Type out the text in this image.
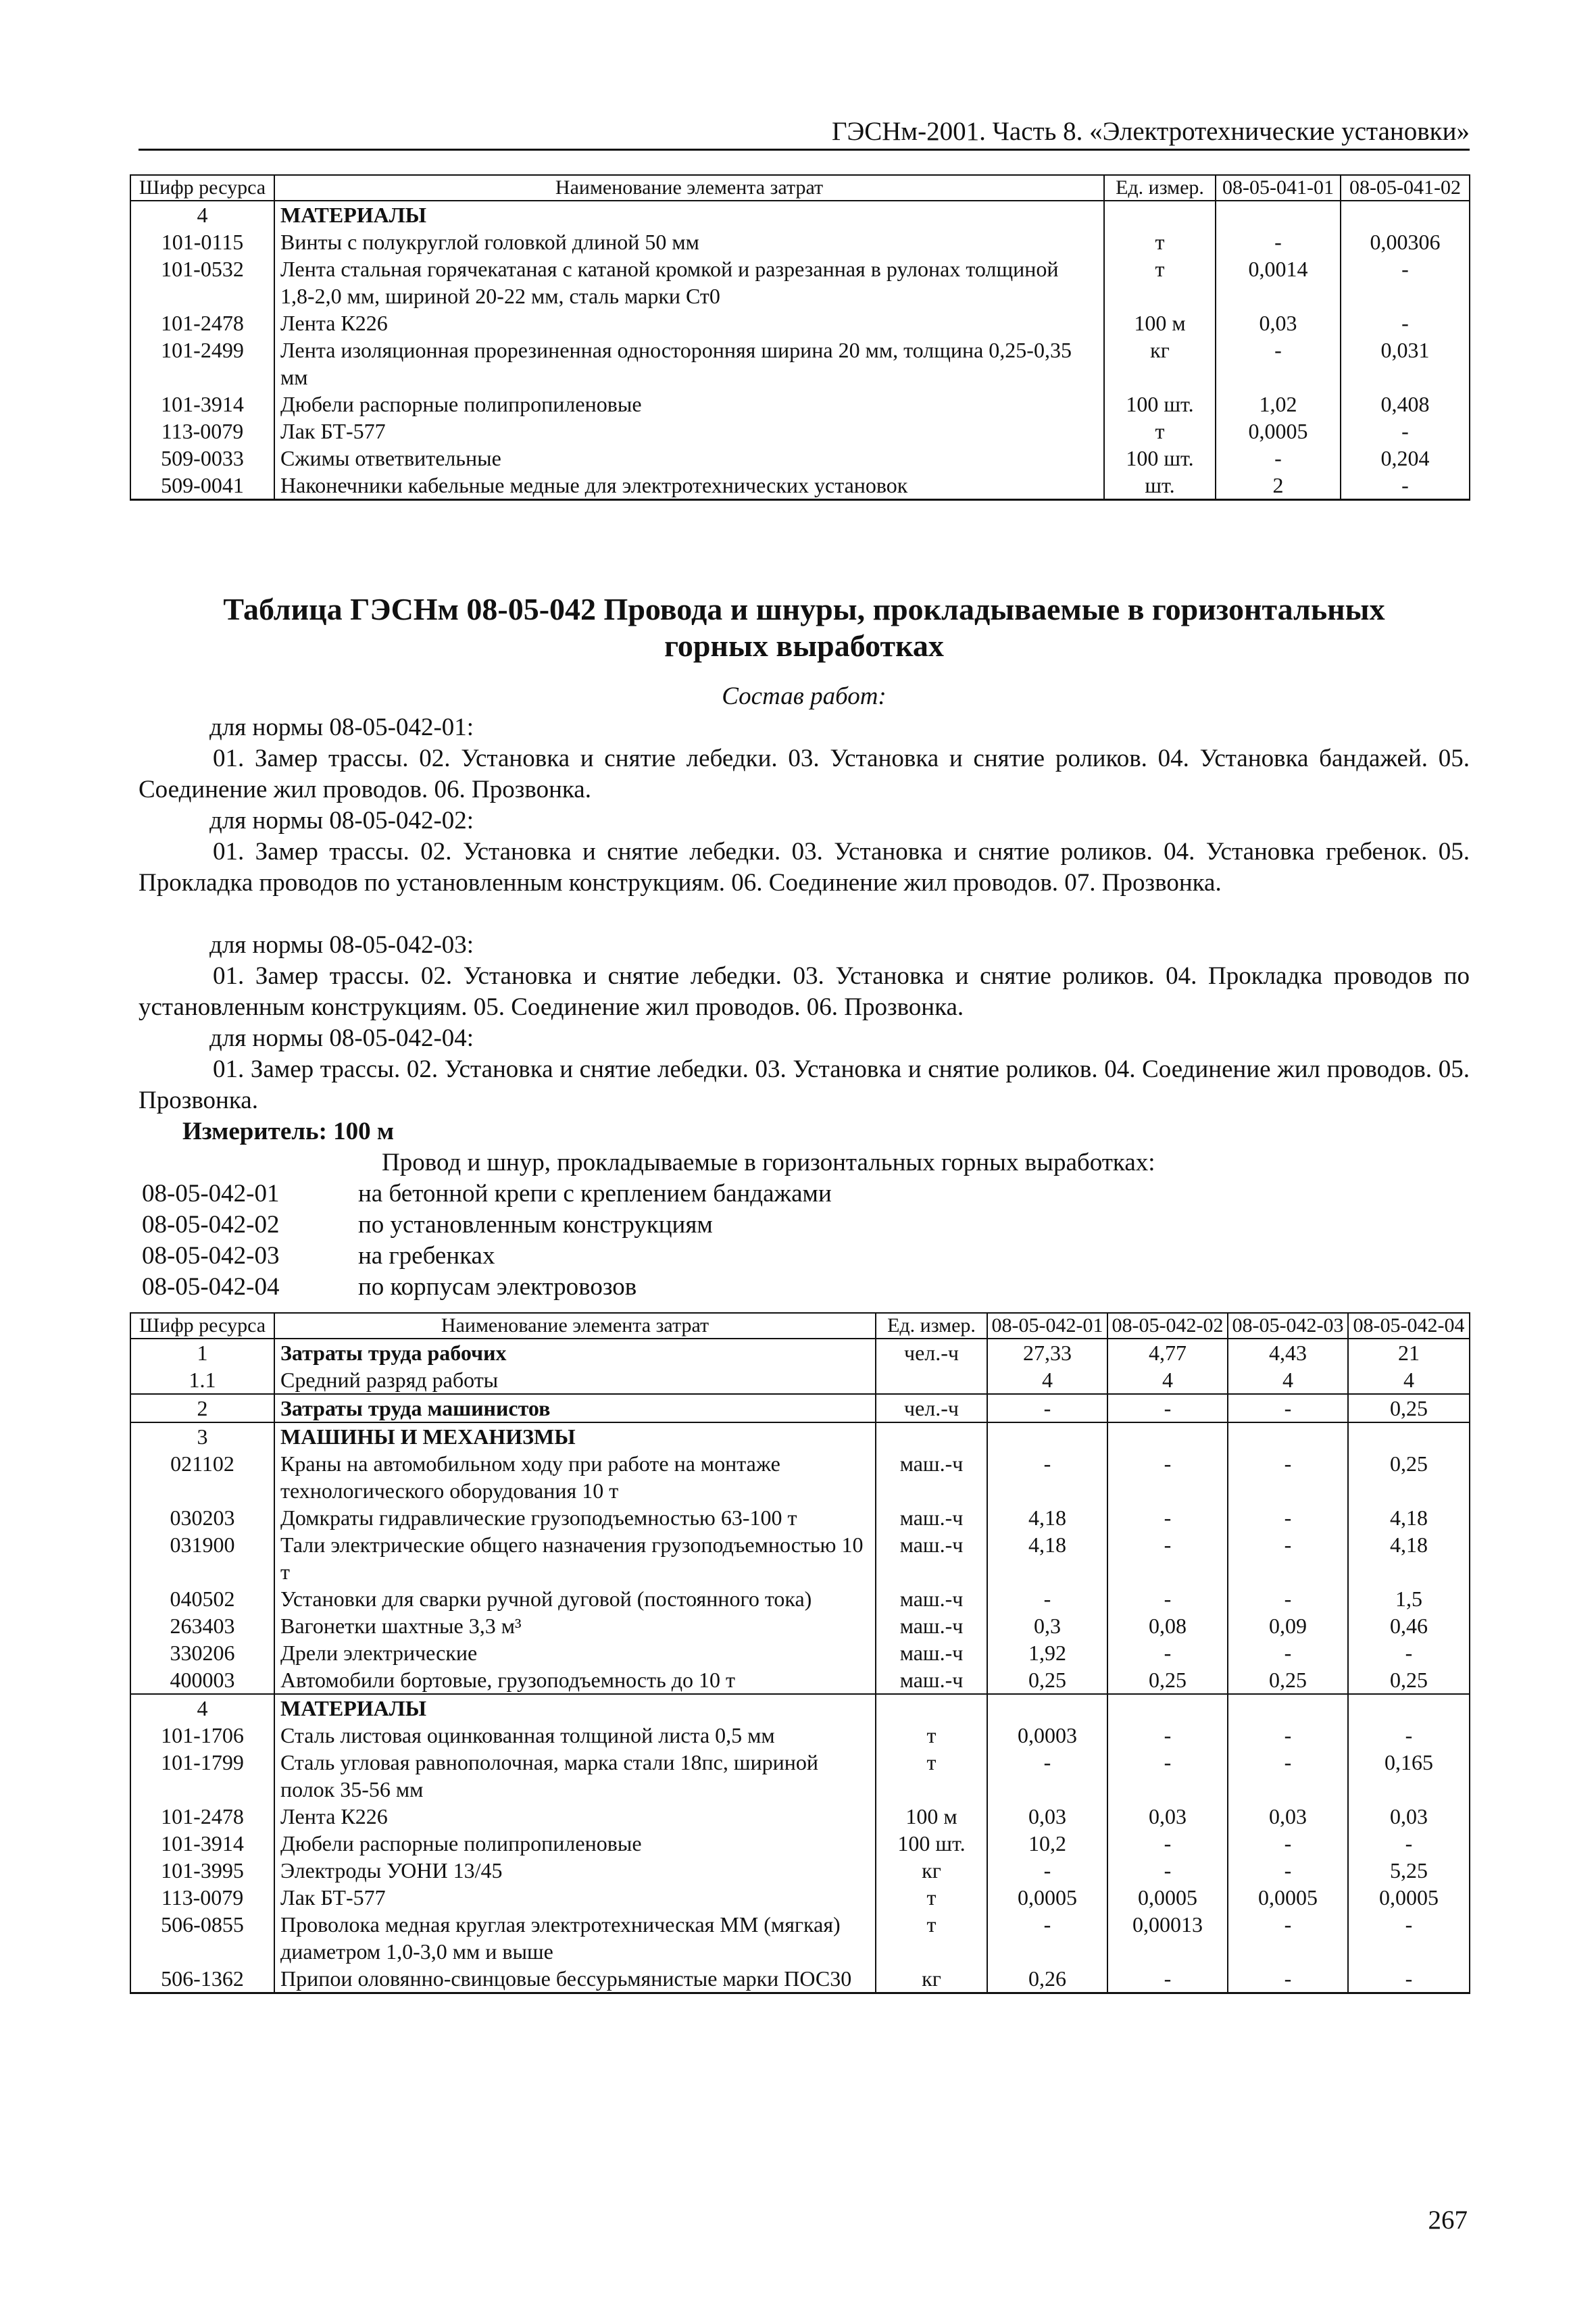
ГЭСНм-2001. Часть 8. «Электротехнические установки»
Шифр ресурса	Наименование элемента затрат	Ед. измер.	08-05-041-01	08-05-041-02
4	МАТЕРИАЛЫ			
101-0115	Винты с полукруглой головкой длиной 50 мм	т	-	0,00306
101-0532	Лента стальная горячекатаная с катаной кромкой и разрезанная в рулонах толщиной 1,8-2,0 мм, шириной 20-22 мм, сталь марки Ст0	т	0,0014	-
101-2478	Лента К226	100 м	0,03	-
101-2499	Лента изоляционная прорезиненная односторонняя ширина 20 мм, толщина 0,25-0,35 мм	кг	-	0,031
101-3914	Дюбели распорные полипропиленовые	100 шт.	1,02	0,408
113-0079	Лак БТ-577	т	0,0005	-
509-0033	Сжимы ответвительные	100 шт.	-	0,204
509-0041	Наконечники кабельные медные для электротехнических установок	шт.	2	-
Таблица ГЭСНм 08-05-042 Провода и шнуры, прокладываемые в горизонтальных
горных выработках
Состав работ:
для нормы 08-05-042-01:
01. Замер трассы. 02. Установка и снятие лебедки. 03. Установка и снятие роликов. 04. Установка бандажей. 05. Соединение жил проводов. 06. Прозвонка.
для нормы 08-05-042-02:
01. Замер трассы. 02. Установка и снятие лебедки. 03. Установка и снятие роликов. 04. Установка гребенок. 05. Прокладка проводов по установленным конструкциям. 06. Соединение жил проводов. 07. Прозвонка.
для нормы 08-05-042-03:
01. Замер трассы. 02. Установка и снятие лебедки. 03. Установка и снятие роликов. 04. Прокладка проводов по установленным конструкциям. 05. Соединение жил проводов. 06. Прозвонка.
для нормы 08-05-042-04:
01. Замер трассы. 02. Установка и снятие лебедки. 03. Установка и снятие роликов. 04. Соединение жил проводов. 05. Прозвонка.
Измеритель: 100 м
Провод и шнур, прокладываемые в горизонтальных горных выработках:
08-05-042-01	на бетонной крепи с креплением бандажами
08-05-042-02	по установленным конструкциям
08-05-042-03	на гребенках
08-05-042-04	по корпусам электровозов
Шифр ресурса	Наименование элемента затрат	Ед. измер.	08-05-042-01	08-05-042-02	08-05-042-03	08-05-042-04
1	Затраты труда рабочих	чел.-ч	27,33	4,77	4,43	21
1.1	Средний разряд работы		4	4	4	4
2	Затраты труда машинистов	чел.-ч	-	-	-	0,25
3	МАШИНЫ И МЕХАНИЗМЫ					
021102	Краны на автомобильном ходу при работе на монтаже технологического оборудования 10 т	маш.-ч	-	-	-	0,25
030203	Домкраты гидравлические грузоподъемностью 63-100 т	маш.-ч	4,18	-	-	4,18
031900	Тали электрические общего назначения грузоподъемностью 10 т	маш.-ч	4,18	-	-	4,18
040502	Установки для сварки ручной дуговой (постоянного тока)	маш.-ч	-	-	-	1,5
263403	Вагонетки шахтные 3,3 м³	маш.-ч	0,3	0,08	0,09	0,46
330206	Дрели электрические	маш.-ч	1,92	-	-	-
400003	Автомобили бортовые, грузоподъемность до 10 т	маш.-ч	0,25	0,25	0,25	0,25
4	МАТЕРИАЛЫ					
101-1706	Сталь листовая оцинкованная толщиной листа 0,5 мм	т	0,0003	-	-	-
101-1799	Сталь угловая равнополочная, марка стали 18пс, шириной полок 35-56 мм	т	-	-	-	0,165
101-2478	Лента К226	100 м	0,03	0,03	0,03	0,03
101-3914	Дюбели распорные полипропиленовые	100 шт.	10,2	-	-	-
101-3995	Электроды УОНИ 13/45	кг	-	-	-	5,25
113-0079	Лак БТ-577	т	0,0005	0,0005	0,0005	0,0005
506-0855	Проволока медная круглая электротехническая ММ (мягкая) диаметром 1,0-3,0 мм и выше	т	-	0,00013	-	-
506-1362	Припои оловянно-свинцовые бессурьмянистые марки ПОС30	кг	0,26	-	-	-
267
